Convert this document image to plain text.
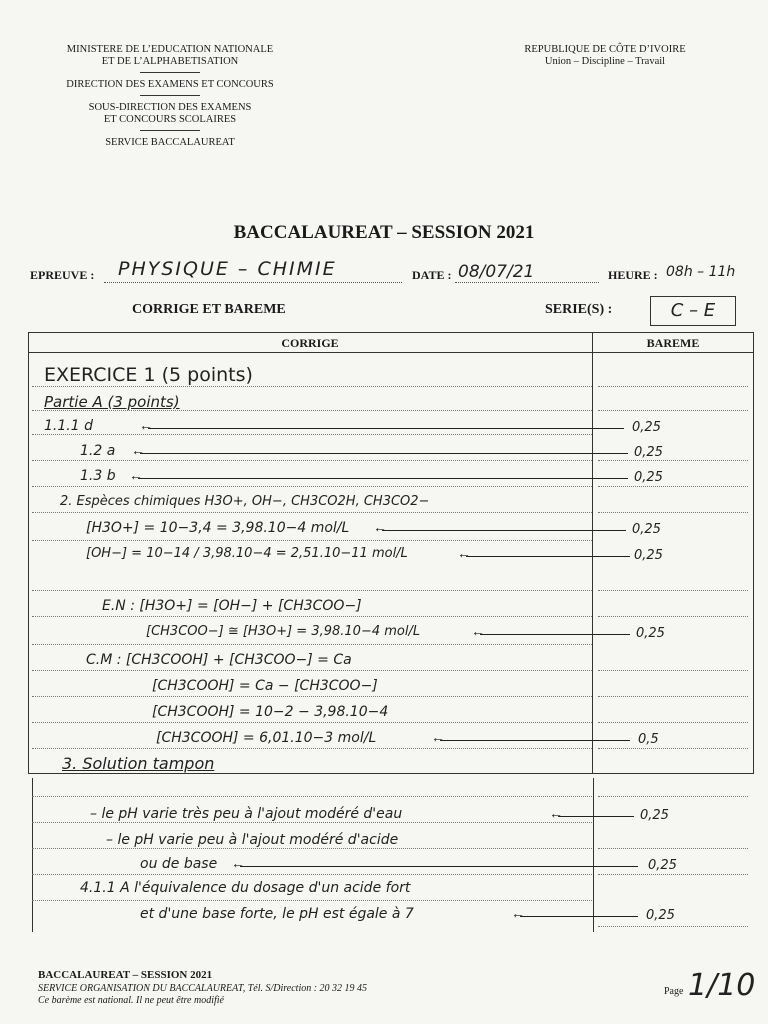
MINISTERE DE L’EDUCATION NATIONALE
ET DE L’ALPHABETISATION
DIRECTION DES EXAMENS ET CONCOURS
SOUS-DIRECTION DES EXAMENS
ET CONCOURS SCOLAIRES
SERVICE BACCALAUREAT
REPUBLIQUE DE CÔTE D’IVOIRE
Union – Discipline – Travail
BACCALAUREAT – SESSION 2021
EPREUVE : PHYSIQUE – CHIMIE	DATE : 08/07/21	HEURE : 08h – 11h
CORRIGE ET BAREME	SERIE(S) :	C – E
CORRIGE	BAREME
EXERCICE 1 (5 points)
Partie A (3 points)
1.1.1 d ←	0,25
1.2 a ←	0,25
1.3 b ←	0,25
2. Espèces chimiques H3O+, OH−, CH3CO2H, CH3CO2−
[H3O+] = 10−3,4 = 3,98.10−4 mol/L ←	0,25
[OH−] = 10−14 / 3,98.10−4 = 2,51.10−11 mol/L ←	0,25
E.N : [H3O+] = [OH−] + [CH3COO−]
[CH3COO−] ≅ [H3O+] = 3,98.10−4 mol/L ←	0,25
C.M : [CH3COOH] + [CH3COO−] = Ca
[CH3COOH] = Ca − [CH3COO−]
[CH3COOH] = 10−2 − 3,98.10−4
[CH3COOH] = 6,01.10−3 mol/L ←	0,5
3. Solution tampon
– le pH varie très peu à l'ajout modéré d'eau ←	0,25
– le pH varie peu à l'ajout modéré d'acide
ou de base ←	0,25
4.1.1 A l'équivalence du dosage d'un acide fort
et d'une base forte, le pH est égale à 7 ←	0,25
BACCALAUREAT – SESSION 2021
SERVICE ORGANISATION DU BACCALAUREAT, Tél. S/Direction : 20 32 19 45
Ce barème est national. Il ne peut être modifié
Page 1/10
